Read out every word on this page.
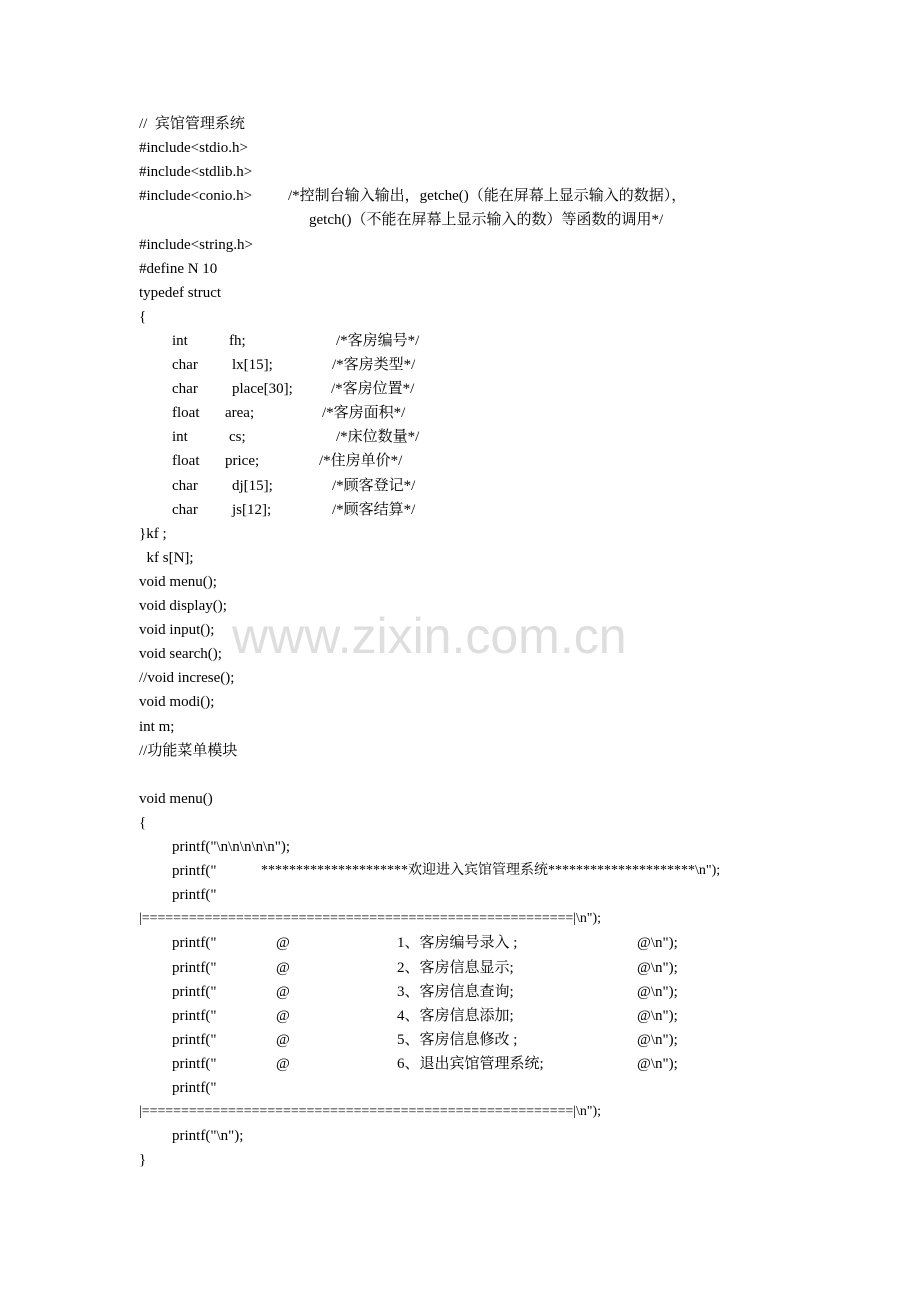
www.zixin.com.cn
//  宾馆管理系统
#include<stdio.h>
#include<stdlib.h>
#include<conio.h> /*控制台输入输出，getche()（能在屏幕上显示输入的数据），
getch()（不能在屏幕上显示输入的数）等函数的调用*/
#include<string.h>
#define N 10
typedef struct
{
int	fh;	/*客房编号*/
char lx[15];	/*客房类型*/
char place[30];	/*客房位置*/
float area;	/*客房面积*/
int	cs;	/*床位数量*/
float price;	/*住房单价*/
char dj[15];	/*顾客登记*/
char js[12];	/*顾客结算*/
}kf ;
kf s[N];
void menu();
void display();
void input();
void search();
//void increse();
void modi();
int m;
//功能菜单模块
void menu()
{
printf("\n\n\n\n\n");
printf("	*********************欢迎进入宾馆管理系统*********************\n");
printf("
|=======================================================|\n");
printf("	@	1、客房编号录入 ;	@\n");
printf("	@	2、客房信息显示;	@\n");
printf("	@	3、客房信息查询;	@\n");
printf("	@	4、客房信息添加;	@\n");
printf("	@	5、客房信息修改 ;	@\n");
printf("	@	6、退出宾馆管理系统;	@\n");
printf("
|=======================================================|\n");
printf("\n");
}
